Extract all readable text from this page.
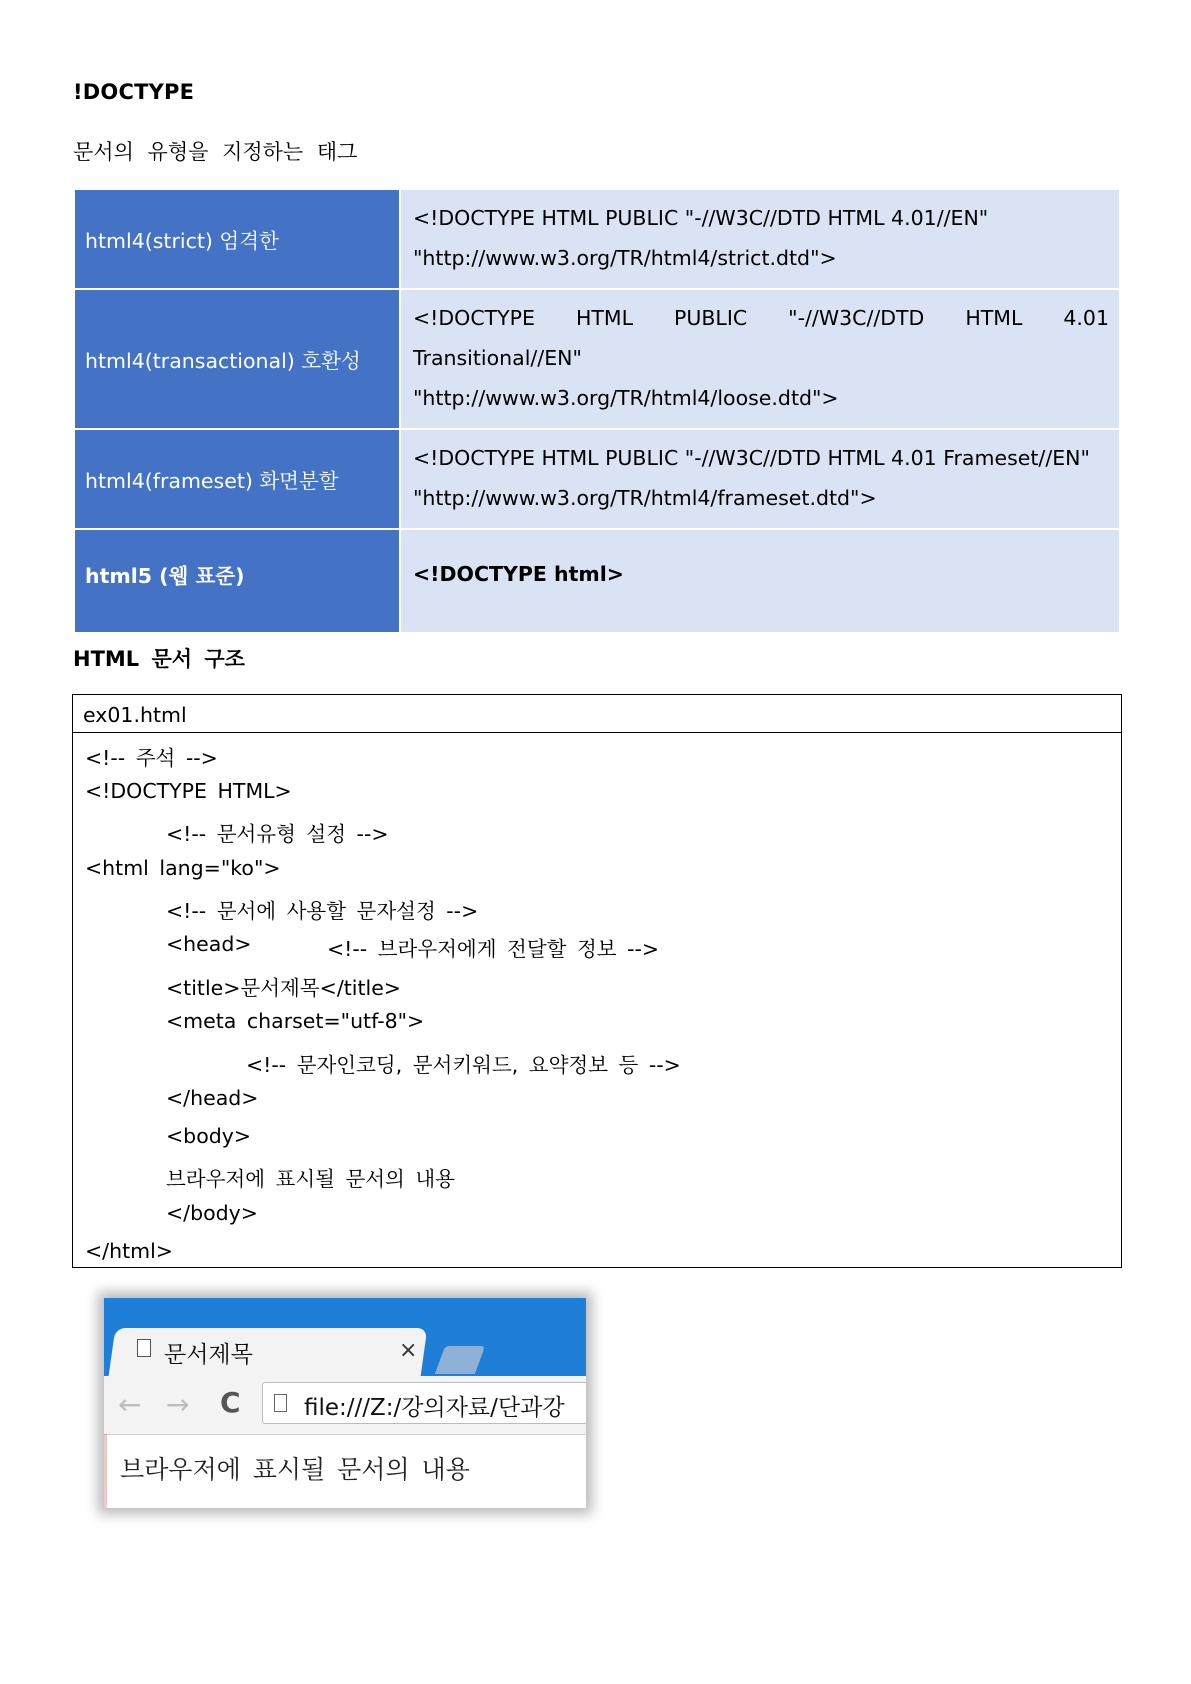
!DOCTYPE
문서의 유형을 지정하는 태그
html4(strict) 엄격한	<!DOCTYPE HTML PUBLIC "-//W3C//DTD HTML 4.01//EN"
"http://www.w3.org/TR/html4/strict.dtd">
html4(transactional) 호환성	<!DOCTYPE HTML PUBLIC "-//W3C//DTD HTML 4.01 Transitional//EN"
"http://www.w3.org/TR/html4/loose.dtd">
html4(frameset) 화면분할	<!DOCTYPE HTML PUBLIC "-//W3C//DTD HTML 4.01 Frameset//EN"
"http://www.w3.org/TR/html4/frameset.dtd">
html5 (웹 표준)	<!DOCTYPE html>
HTML 문서 구조
ex01.html
<!-- 주석 -->
<!DOCTYPE HTML>
<!-- 문서유형 설정 -->
<html lang="ko">
<!-- 문서에 사용할 문자설정 -->
<head>	<!-- 브라우저에게 전달할 정보 -->
<title>문서제목</title>
<meta charset="utf-8">
<!-- 문자인코딩, 문서키워드, 요약정보 등 -->
</head>
<body>
브라우저에 표시될 문서의 내용
</body>
</html>
문서제목	×
← → C	file:///Z:/강의자료/단과강
브라우저에 표시될 문서의 내용
